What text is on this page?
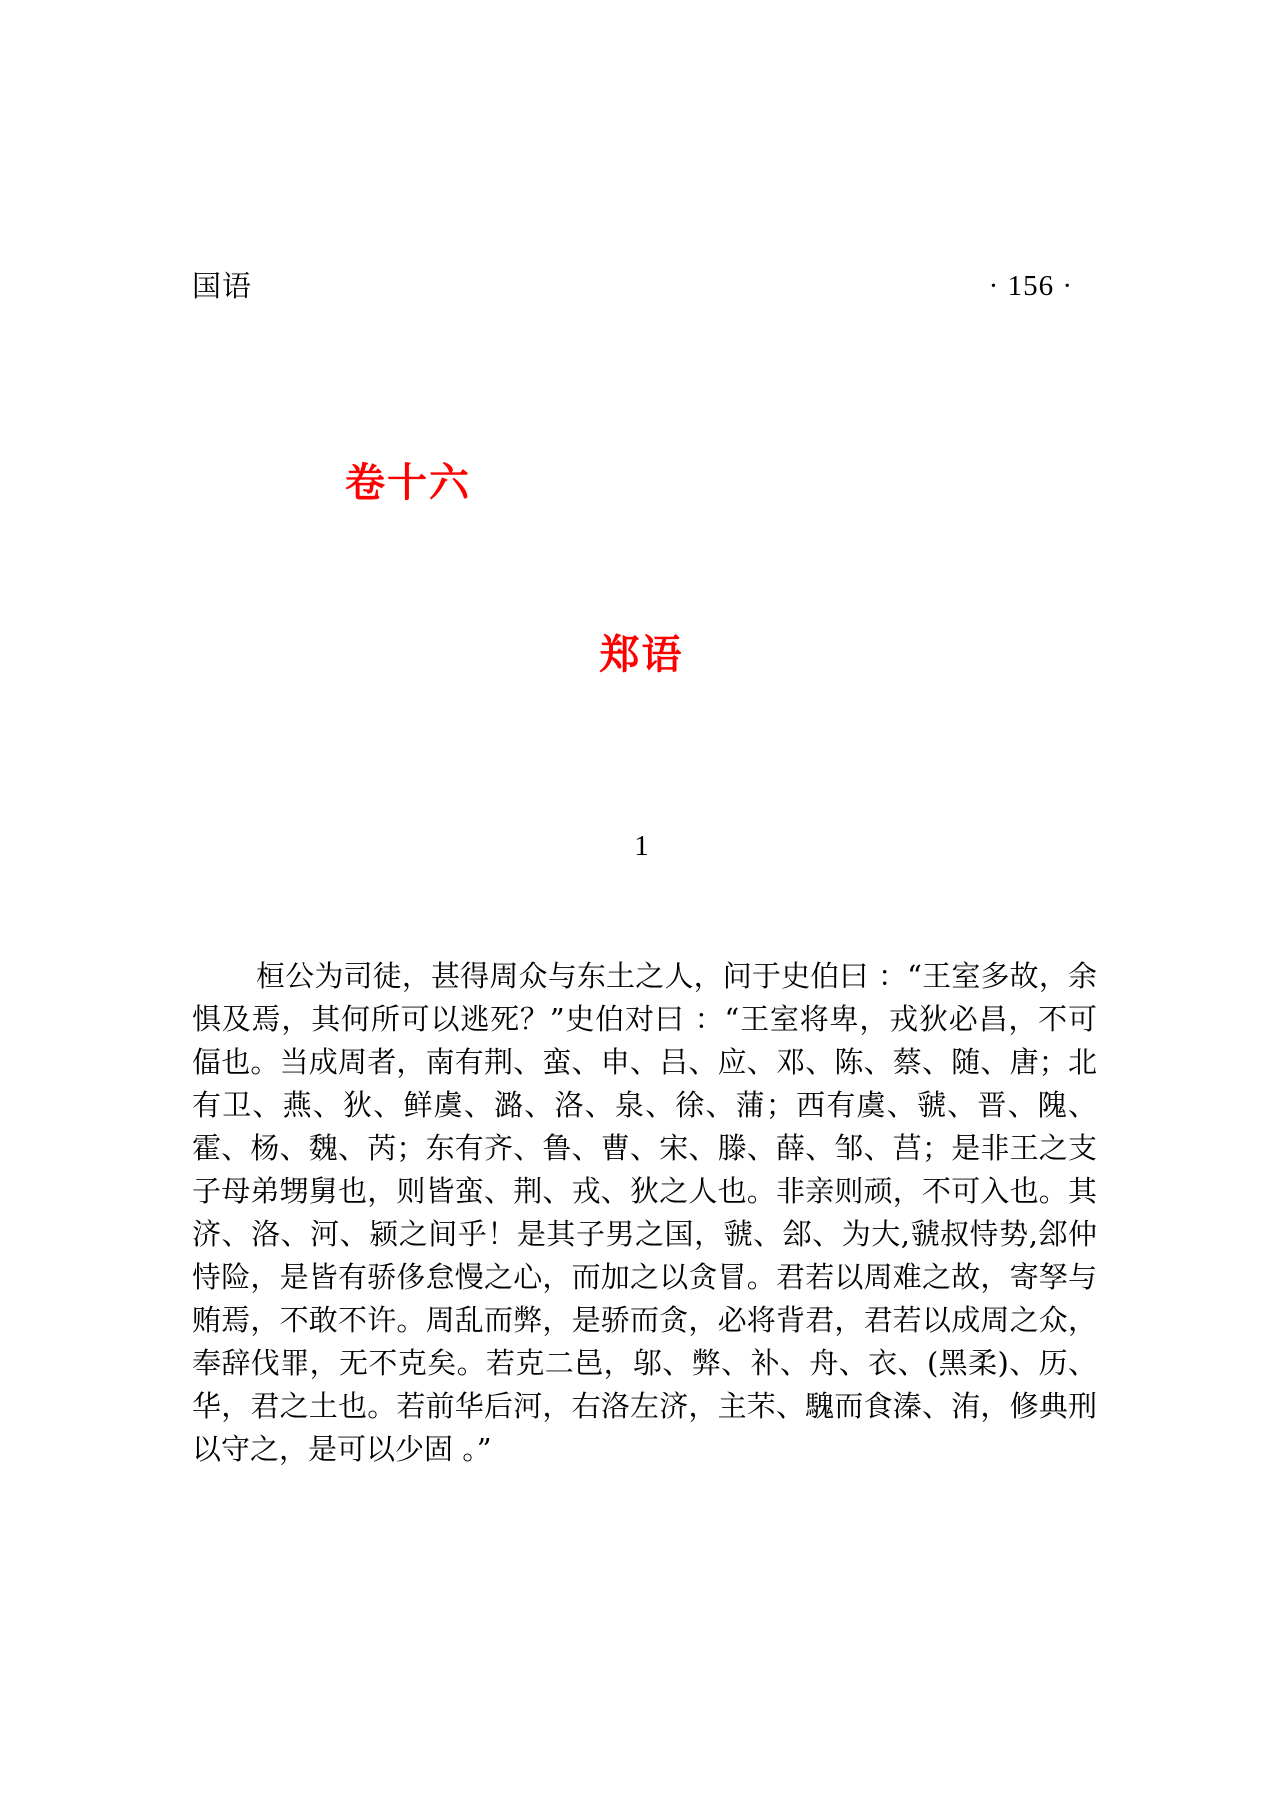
国语	· 156 ·
卷十六
郑语
1

桓公为司徒，甚得周众与东土之人，问于史伯曰 ：“王室多故，余惧及焉，其何所可以逃死？”史伯对曰 ：“王室将卑，戎狄必昌，不可偪也。当成周者，南有荆、蛮、申、吕、应、邓、陈、蔡、随、唐；北有卫、燕、狄、鲜虞、潞、洛、泉、徐、蒲；西有虞、虢、晋、隗、霍、杨、魏、芮；东有齐、鲁、曹、宋、滕、薛、邹、莒；是非王之支子母弟甥舅也，则皆蛮、荆、戎、狄之人也。非亲则顽，不可入也。其济、洛、河、颍之间乎！是其子男之国，虢、郐、为大,虢叔恃势,郐仲恃险，是皆有骄侈怠慢之心，而加之以贪冒。君若以周难之故，寄孥与贿焉，不敢不许。周乱而弊，是骄而贪，必将背君，君若以成周之众，奉辞伐罪，无不克矣。若克二邑，邬、弊、补、舟、衣、(黑柔)、历、华，君之土也。若前华后河，右洛左济，主芣、騩而食溱、洧，修典刑以守之，是可以少固 。”
